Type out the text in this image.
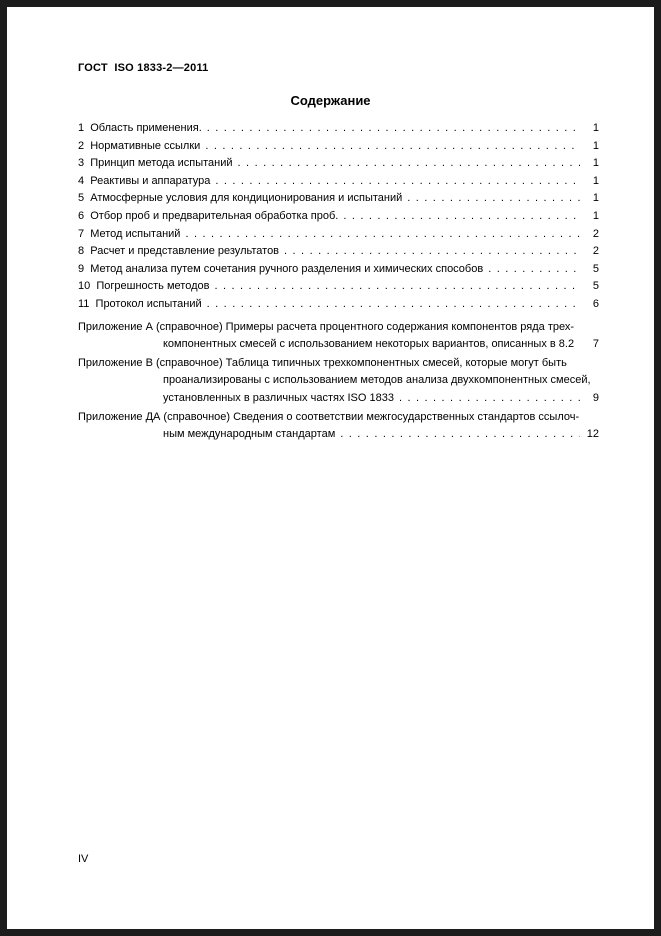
ГОСТ  ISO 1833-2—2011
Содержание
1  Область применения. . . .	1
2  Нормативные ссылки . . .	1
3  Принцип метода испытаний . . .	1
4  Реактивы и аппаратура . . .	1
5  Атмосферные условия для кондиционирования и испытаний . . .	1
6  Отбор проб и предварительная обработка проб. . . .	1
7  Метод испытаний . . .	2
8  Расчет и представление результатов . . .	2
9  Метод анализа путем сочетания ручного разделения и химических способов . . .	5
10  Погрешность методов . . .	5
11  Протокол испытаний . . .	6
Приложение А (справочное) Примеры расчета процентного содержания компонентов ряда трех-
компонентных смесей с использованием некоторых вариантов, описанных в 8.2 . . .	7
Приложение В (справочное) Таблица типичных трехкомпонентных смесей, которые могут быть
проанализированы с использованием методов анализа двухкомпонентных смесей,
установленных в различных частях ISO 1833 . . .	9
Приложение ДА (справочное) Сведения о соответствии межгосударственных стандартов ссылоч-
ным международным стандартам . . .	12
IV
